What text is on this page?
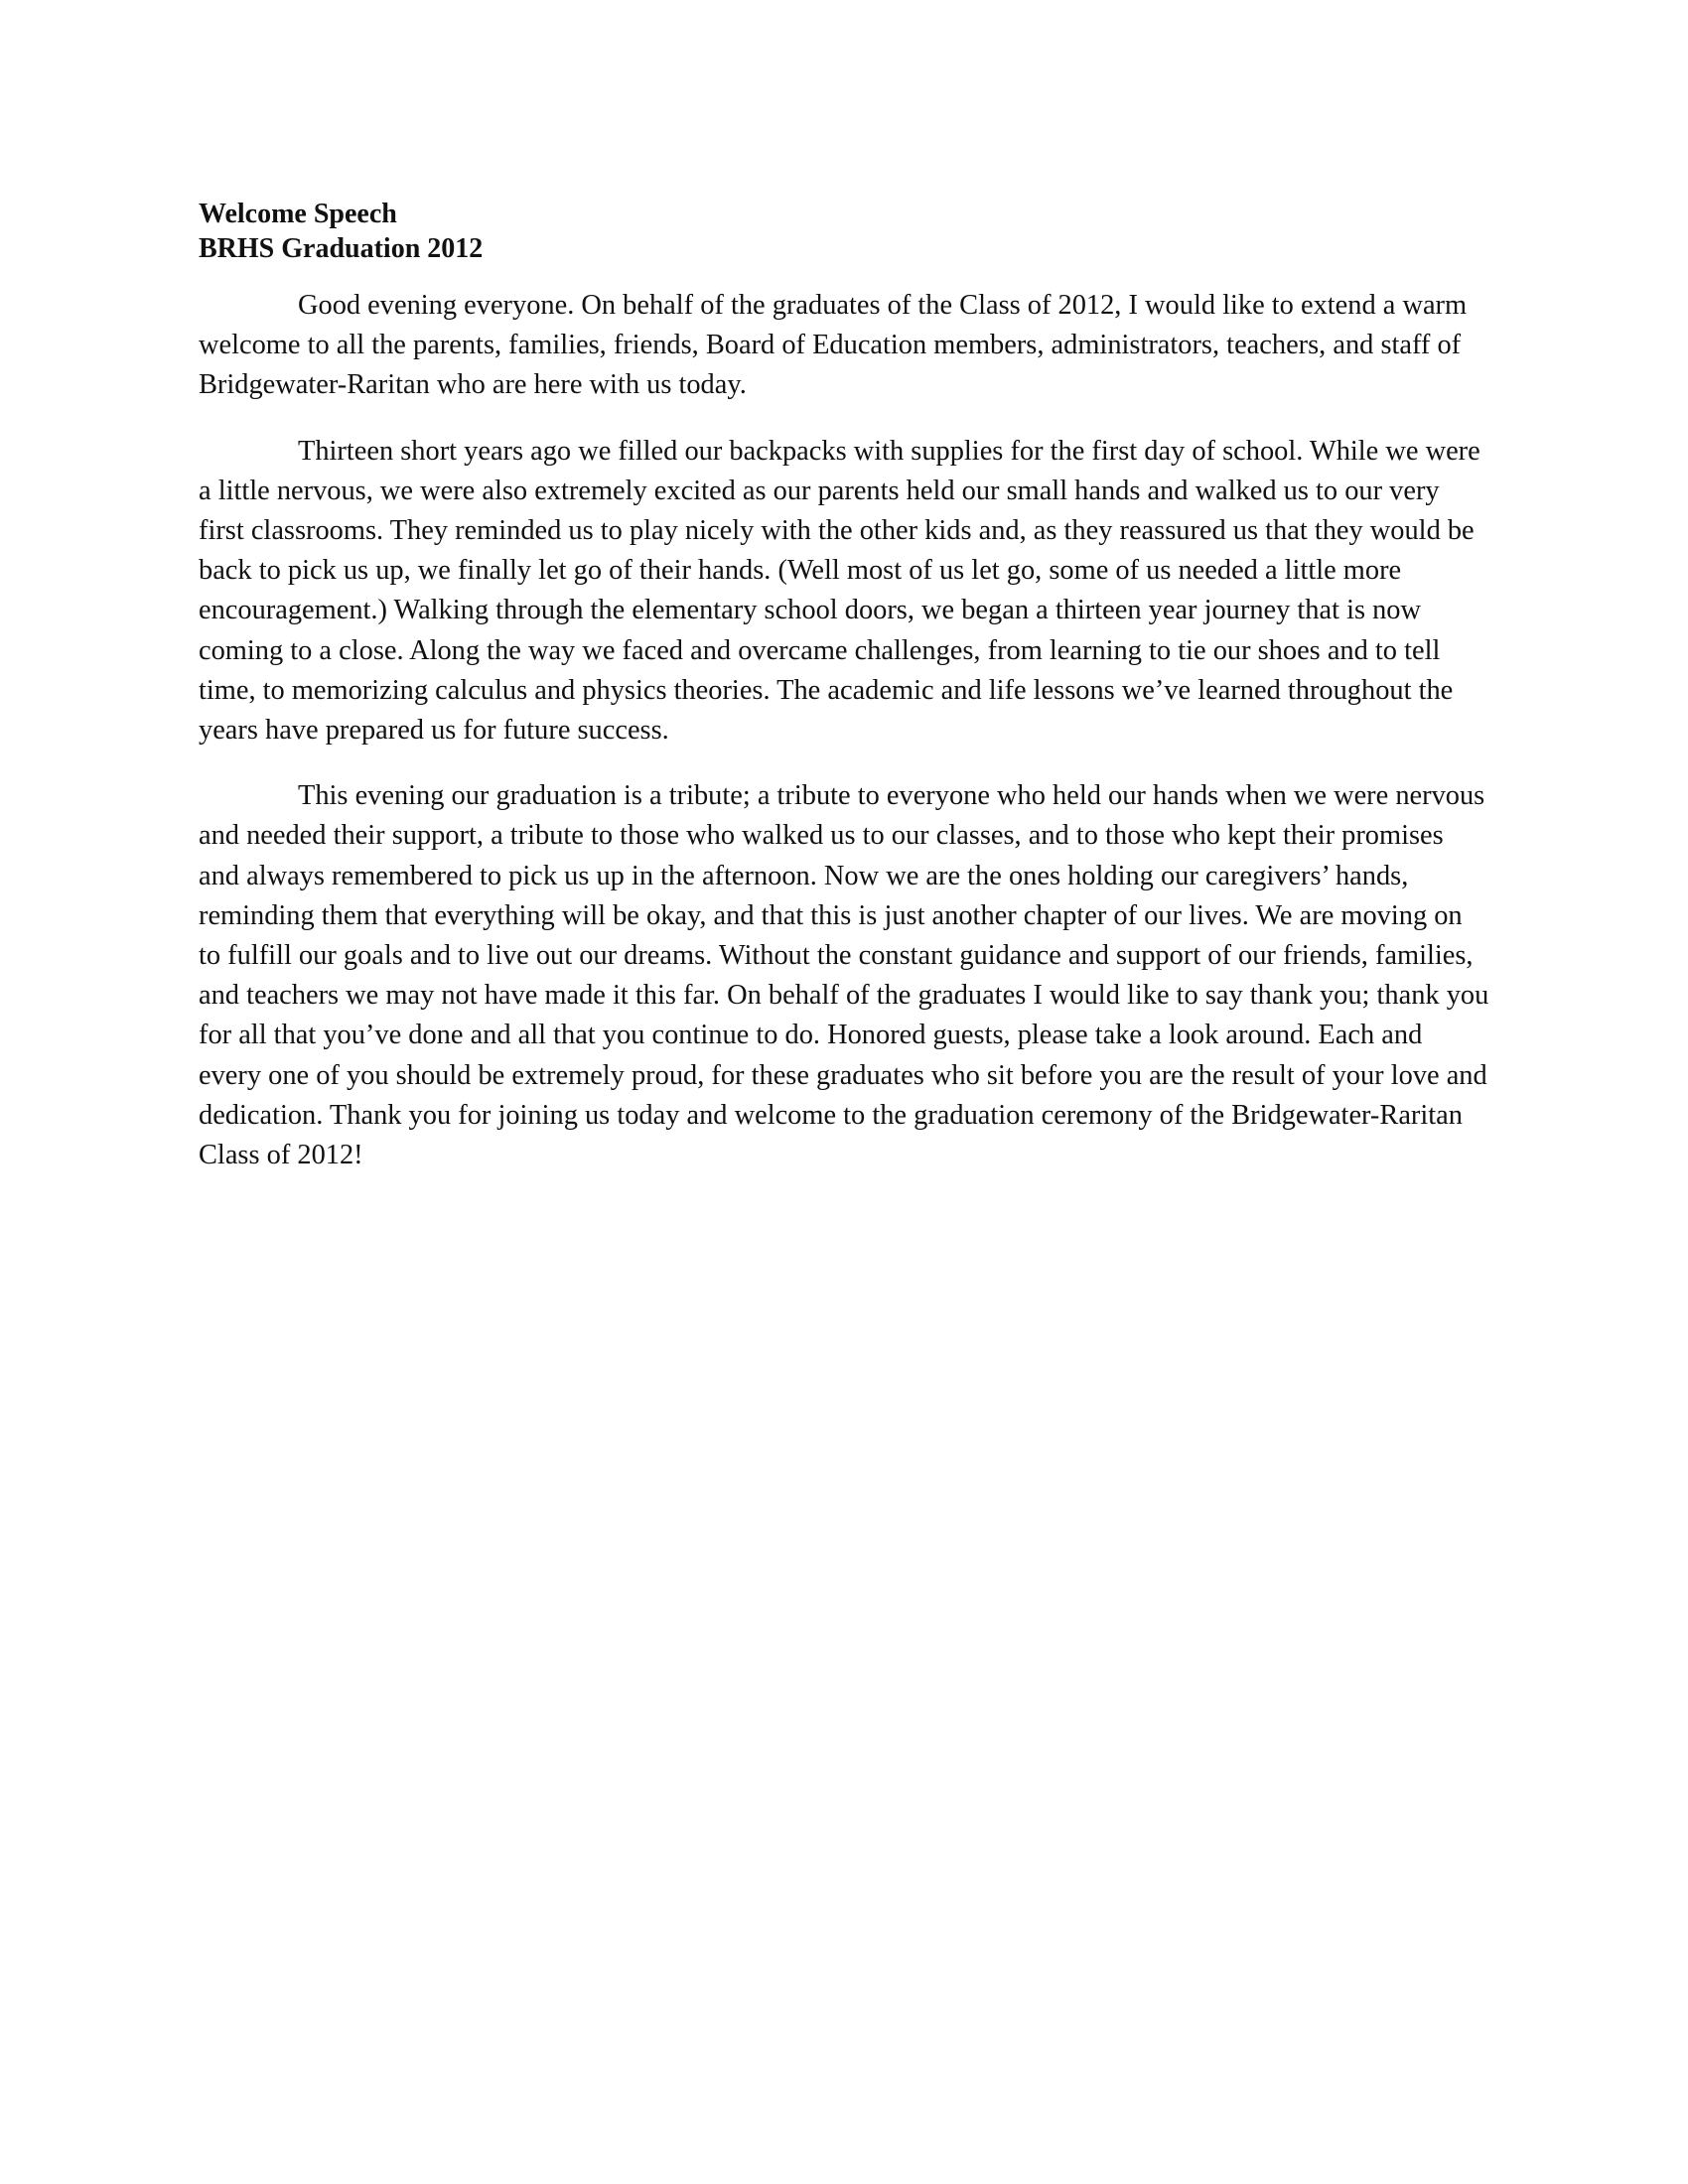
Welcome Speech

BRHS Graduation 2012

Good evening everyone. On behalf of the graduates of the Class of 2012, I would like to extend a warm welcome to all the parents, families, friends, Board of Education members, administrators, teachers, and staff of Bridgewater-Raritan who are here with us today.

Thirteen short years ago we filled our backpacks with supplies for the first day of school. While we were a little nervous, we were also extremely excited as our parents held our small hands and walked us to our very first classrooms. They reminded us to play nicely with the other kids and, as they reassured us that they would be back to pick us up, we finally let go of their hands. (Well most of us let go, some of us needed a little more encouragement.) Walking through the elementary school doors, we began a thirteen year journey that is now coming to a close. Along the way we faced and overcame challenges, from learning to tie our shoes and to tell time, to memorizing calculus and physics theories. The academic and life lessons we’ve learned throughout the years have prepared us for future success.

This evening our graduation is a tribute; a tribute to everyone who held our hands when we were nervous and needed their support, a tribute to those who walked us to our classes, and to those who kept their promises and always remembered to pick us up in the afternoon. Now we are the ones holding our caregivers’ hands, reminding them that everything will be okay, and that this is just another chapter of our lives. We are moving on to fulfill our goals and to live out our dreams. Without the constant guidance and support of our friends, families, and teachers we may not have made it this far. On behalf of the graduates I would like to say thank you; thank you for all that you’ve done and all that you continue to do. Honored guests, please take a look around. Each and every one of you should be extremely proud, for these graduates who sit before you are the result of your love and dedication. Thank you for joining us today and welcome to the graduation ceremony of the Bridgewater-Raritan Class of 2012!
